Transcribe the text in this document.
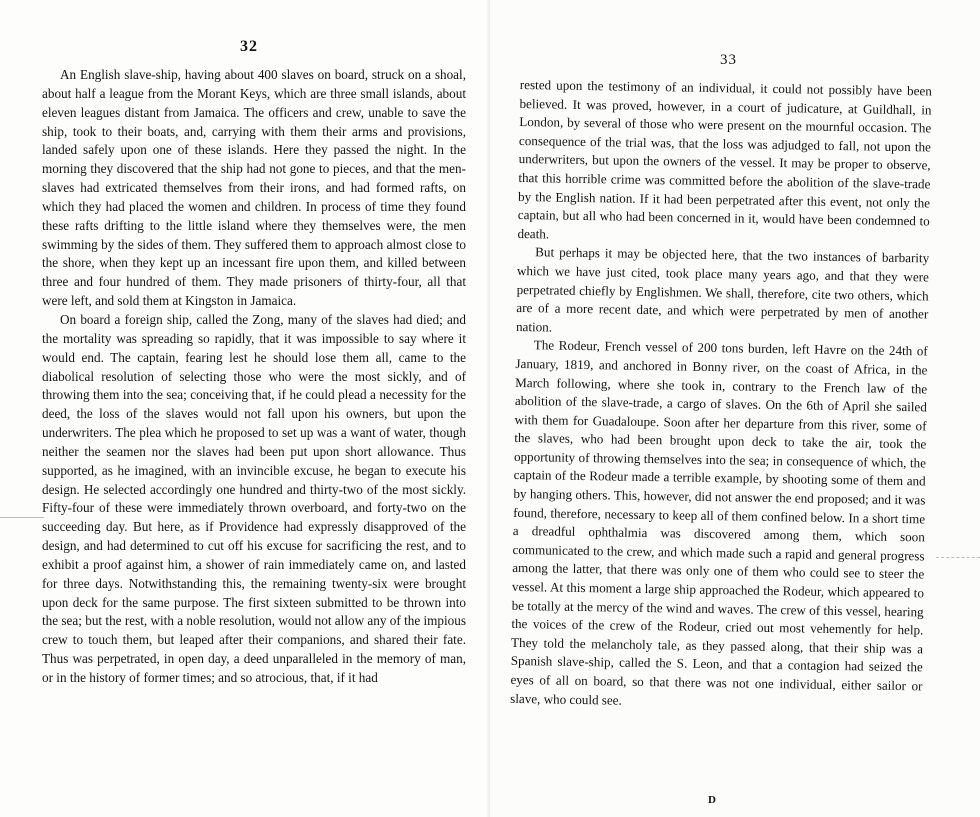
32

An English slave-ship, having about 400 slaves on board, struck on a shoal, about half a league from the Morant Keys, which are three small islands, about eleven leagues distant from Jamaica. The officers and crew, unable to save the ship, took to their boats, and, carrying with them their arms and provisions, landed safely upon one of these islands. Here they passed the night. In the morning they discovered that the ship had not gone to pieces, and that the men-slaves had extricated themselves from their irons, and had formed rafts, on which they had placed the women and children. In process of time they found these rafts drifting to the little island where they themselves were, the men swimming by the sides of them. They suffered them to approach almost close to the shore, when they kept up an incessant fire upon them, and killed between three and four hundred of them. They made prisoners of thirty-four, all that were left, and sold them at Kingston in Jamaica.

On board a foreign ship, called the Zong, many of the slaves had died; and the mortality was spreading so rapidly, that it was impossible to say where it would end. The captain, fearing lest he should lose them all, came to the diabolical resolution of selecting those who were the most sickly, and of throwing them into the sea; conceiving that, if he could plead a necessity for the deed, the loss of the slaves would not fall upon his owners, but upon the underwriters. The plea which he proposed to set up was a want of water, though neither the seamen nor the slaves had been put upon short allowance. Thus supported, as he imagined, with an invincible excuse, he began to execute his design. He selected accordingly one hundred and thirty-two of the most sickly. Fifty-four of these were immediately thrown overboard, and forty-two on the succeeding day. But here, as if Providence had expressly disapproved of the design, and had determined to cut off his excuse for sacrificing the rest, and to exhibit a proof against him, a shower of rain immediately came on, and lasted for three days. Notwithstanding this, the remaining twenty-six were brought upon deck for the same purpose. The first sixteen submitted to be thrown into the sea; but the rest, with a noble resolution, would not allow any of the impious crew to touch them, but leaped after their companions, and shared their fate. Thus was perpetrated, in open day, a deed unparalleled in the memory of man, or in the history of former times; and so atrocious, that, if it had

33

rested upon the testimony of an individual, it could not possibly have been believed. It was proved, however, in a court of judicature, at Guildhall, in London, by several of those who were present on the mournful occasion. The consequence of the trial was, that the loss was adjudged to fall, not upon the underwriters, but upon the owners of the vessel. It may be proper to observe, that this horrible crime was committed before the abolition of the slave-trade by the English nation. If it had been perpetrated after this event, not only the captain, but all who had been concerned in it, would have been condemned to death.

But perhaps it may be objected here, that the two instances of barbarity which we have just cited, took place many years ago, and that they were perpetrated chiefly by Englishmen. We shall, therefore, cite two others, which are of a more recent date, and which were perpetrated by men of another nation.

The Rodeur, French vessel of 200 tons burden, left Havre on the 24th of January, 1819, and anchored in Bonny river, on the coast of Africa, in the March following, where she took in, contrary to the French law of the abolition of the slave-trade, a cargo of slaves. On the 6th of April she sailed with them for Guadaloupe. Soon after her departure from this river, some of the slaves, who had been brought upon deck to take the air, took the opportunity of throwing themselves into the sea; in consequence of which, the captain of the Rodeur made a terrible example, by shooting some of them and by hanging others. This, however, did not answer the end proposed; and it was found, therefore, necessary to keep all of them confined below. In a short time a dreadful ophthalmia was discovered among them, which soon communicated to the crew, and which made such a rapid and general progress among the latter, that there was only one of them who could see to steer the vessel. At this moment a large ship approached the Rodeur, which appeared to be totally at the mercy of the wind and waves. The crew of this vessel, hearing the voices of the crew of the Rodeur, cried out most vehemently for help. They told the melancholy tale, as they passed along, that their ship was a Spanish slave-ship, called the S. Leon, and that a contagion had seized the eyes of all on board, so that there was not one individual, either sailor or slave, who could see.

D
